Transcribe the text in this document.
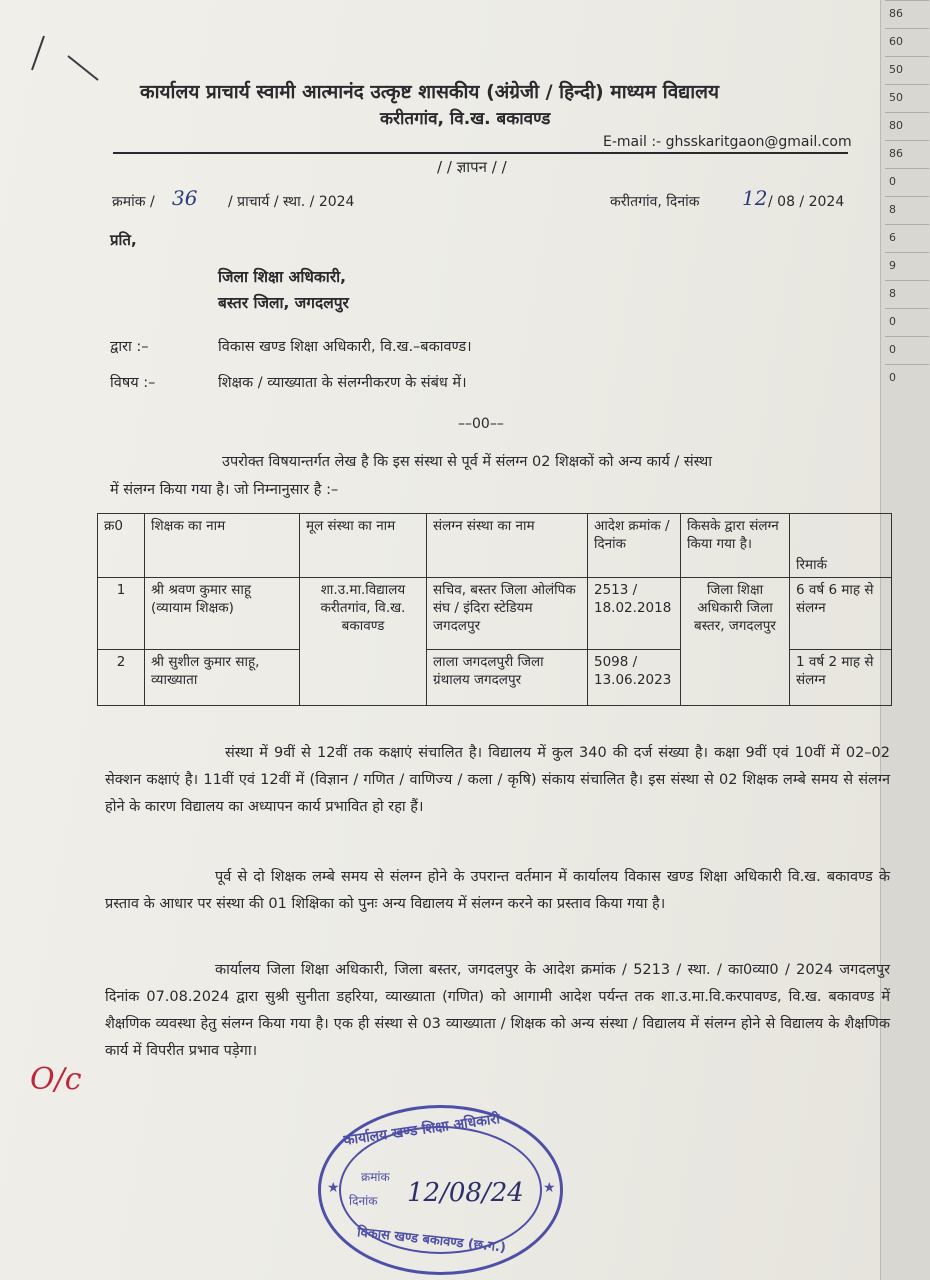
86
60
50
50
80
86
0
8
6
9
8
0
0
0
कार्यालय प्राचार्य स्वामी आत्मानंद उत्कृष्ट शासकीय (अंग्रेजी / हिन्दी) माध्यम विद्यालय
करीतगांव, वि.ख. बकावण्ड
E-mail :- ghsskaritgaon@gmail.com
/ / ज्ञापन / /
क्रमांक / 36 / प्राचार्य / स्था. / 2024	करीतगांव, दिनांक 12 / 08 / 2024
प्रति,
जिला शिक्षा अधिकारी,
बस्तर जिला, जगदलपुर
द्वारा :–	विकास खण्ड शिक्षा अधिकारी, वि.ख.–बकावण्ड।
विषय :–	शिक्षक / व्याख्याता के संलग्नीकरण के संबंध में।
––00––
उपरोक्त विषयान्तर्गत लेख है कि इस संस्था से पूर्व में संलग्न 02 शिक्षकों को अन्य कार्य / संस्था
में संलग्न किया गया है। जो निम्नानुसार है :–
क्र0	शिक्षक का नाम	मूल संस्था का नाम	संलग्न संस्था का नाम	आदेश क्रमांक / दिनांक	किसके द्वारा संलग्न किया गया है।	रिमार्क
1	श्री श्रवण कुमार साहू (व्यायाम शिक्षक)	शा.उ.मा.विद्यालय करीतगांव, वि.ख. बकावण्ड	सचिव, बस्तर जिला ओलंपिक संघ / इंदिरा स्टेडियम जगदलपुर	2513 / 18.02.2018	जिला शिक्षा अधिकारी जिला बस्तर, जगदलपुर	6 वर्ष 6 माह से संलग्न
2	श्री सुशील कुमार साहू, व्याख्याता		लाला जगदलपुरी जिला ग्रंथालय जगदलपुर	5098 / 13.06.2023		1 वर्ष 2 माह से संलग्न
संस्था में 9वीं से 12वीं तक कक्षाएं संचालित है। विद्यालय में कुल 340 की दर्ज संख्या है। कक्षा 9वीं एवं 10वीं में 02–02 सेक्शन कक्षाएं है। 11वीं एवं 12वीं में (विज्ञान / गणित / वाणिज्य / कला / कृषि) संकाय संचालित है। इस संस्था से 02 शिक्षक लम्बे समय से संलग्न होने के कारण विद्यालय का अध्यापन कार्य प्रभावित हो रहा हैं।
पूर्व से दो शिक्षक लम्बे समय से संलग्न होने के उपरान्त वर्तमान में कार्यालय विकास खण्ड शिक्षा अधिकारी वि.ख. बकावण्ड के प्रस्ताव के आधार पर संस्था की 01 शिक्षिका को पुनः अन्य विद्यालय में संलग्न करने का प्रस्ताव किया गया है।
कार्यालय जिला शिक्षा अधिकारी, जिला बस्तर, जगदलपुर के आदेश क्रमांक / 5213 / स्था. / का0व्या0 / 2024 जगदलपुर दिनांक 07.08.2024 द्वारा सुश्री सुनीता डहरिया, व्याख्याता (गणित) को आगामी आदेश पर्यन्त तक शा.उ.मा.वि.करपावण्ड, वि.ख. बकावण्ड में शैक्षणिक व्यवस्था हेतु संलग्न किया गया है। एक ही संस्था से 03 व्याख्याता / शिक्षक को अन्य संस्था / विद्यालय में संलग्न होने से विद्यालय के शैक्षणिक कार्य में विपरीत प्रभाव पड़ेगा।
O/c
कार्यालय खण्ड शिक्षा अधिकारी
क्रमांक
दिनांक 12/08/24
विकास खण्ड बकावण्ड (छ.ग.)
★	★
